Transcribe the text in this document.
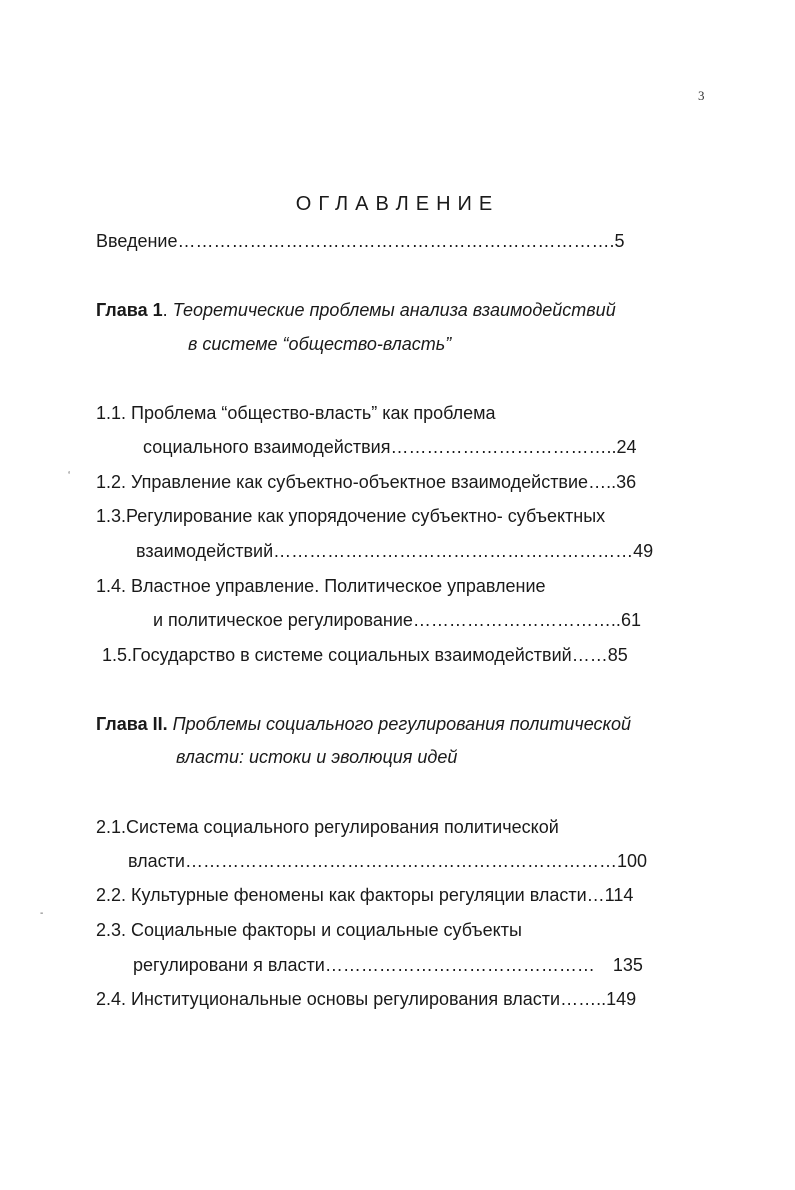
3
ОГЛАВЛЕНИЕ
Введение……………………………………………………………….5
Глава 1. Теоретические проблемы анализа взаимодействий
в системе “общество-власть”
1.1. Проблема “общество-власть” как проблема
социального взаимодействия………………………………..24
1.2. Управление как субъектно-объектное взаимодействие…..36
1.3.Регулирование как упорядочение субъектно- субъектных
взаимодействий……………………………………………………49
1.4. Властное управление. Политическое управление
и политическое регулирование……………………………..61
1.5.Государство в системе социальных взаимодействий……85
Глава II. Проблемы социального регулирования политической
власти: истоки и эволюция идей
2.1.Система социального регулирования политической
власти………………………………………………………………100
2.2. Культурные феномены как факторы регуляции власти…114
2.3. Социальные факторы и социальные субъекты
регулировани я власти……………………………………… 135
2.4. Институциональные основы регулирования власти……..149
‘
-
